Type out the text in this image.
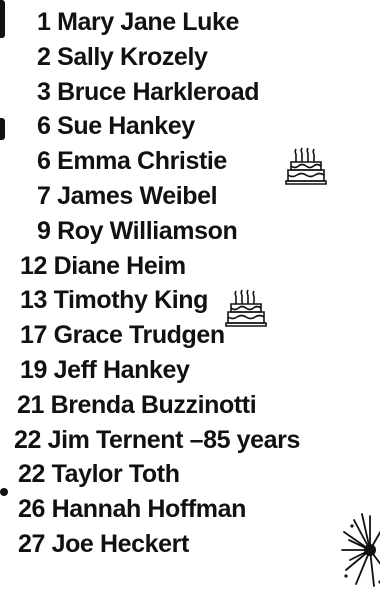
1 Mary Jane Luke
2 Sally Krozely
3 Bruce Harkleroad
6 Sue Hankey
6 Emma Christie
7 James Weibel
9 Roy Williamson
12 Diane Heim
13 Timothy King
17 Grace Trudgen
19 Jeff Hankey
21 Brenda Buzzinotti
22 Jim Ternent –85 years
22 Taylor Toth
26 Hannah Hoffman
27 Joe Heckert
